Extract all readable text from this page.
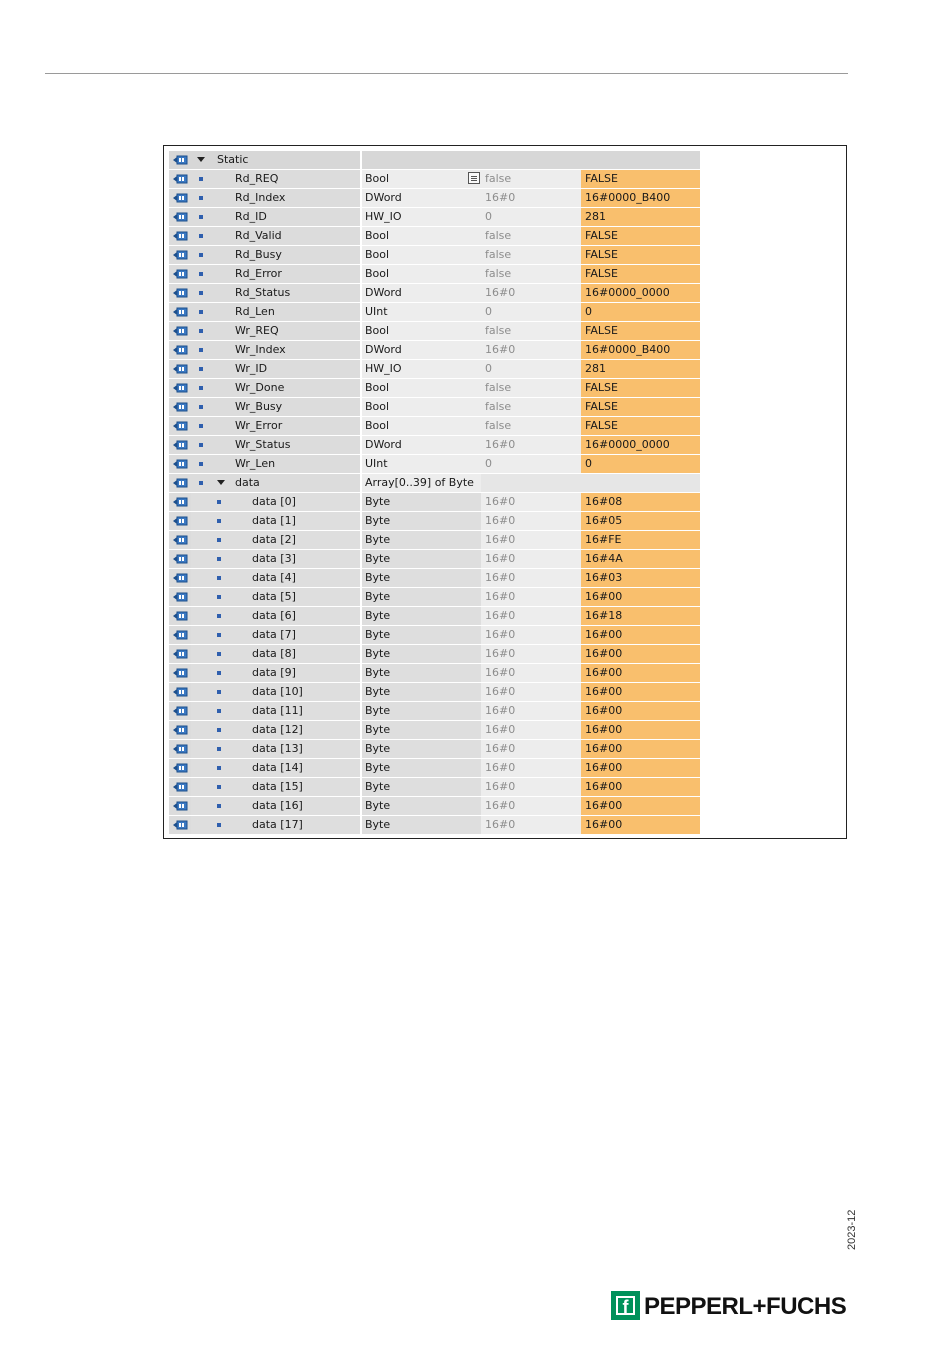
Static
Rd_REQ	Bool	false	FALSE
Rd_Index	DWord	16#0	16#0000_B400
Rd_ID	HW_IO	0	281
Rd_Valid	Bool	false	FALSE
Rd_Busy	Bool	false	FALSE
Rd_Error	Bool	false	FALSE
Rd_Status	DWord	16#0	16#0000_0000
Rd_Len	UInt	0	0
Wr_REQ	Bool	false	FALSE
Wr_Index	DWord	16#0	16#0000_B400
Wr_ID	HW_IO	0	281
Wr_Done	Bool	false	FALSE
Wr_Busy	Bool	false	FALSE
Wr_Error	Bool	false	FALSE
Wr_Status	DWord	16#0	16#0000_0000
Wr_Len	UInt	0	0
data	Array[0..39] of Byte
data [0]	Byte	16#0	16#08
data [1]	Byte	16#0	16#05
data [2]	Byte	16#0	16#FE
data [3]	Byte	16#0	16#4A
data [4]	Byte	16#0	16#03
data [5]	Byte	16#0	16#00
data [6]	Byte	16#0	16#18
data [7]	Byte	16#0	16#00
data [8]	Byte	16#0	16#00
data [9]	Byte	16#0	16#00
data [10]	Byte	16#0	16#00
data [11]	Byte	16#0	16#00
data [12]	Byte	16#0	16#00
data [13]	Byte	16#0	16#00
data [14]	Byte	16#0	16#00
data [15]	Byte	16#0	16#00
data [16]	Byte	16#0	16#00
data [17]	Byte	16#0	16#00
2023-12
f PEPPERL+FUCHS
